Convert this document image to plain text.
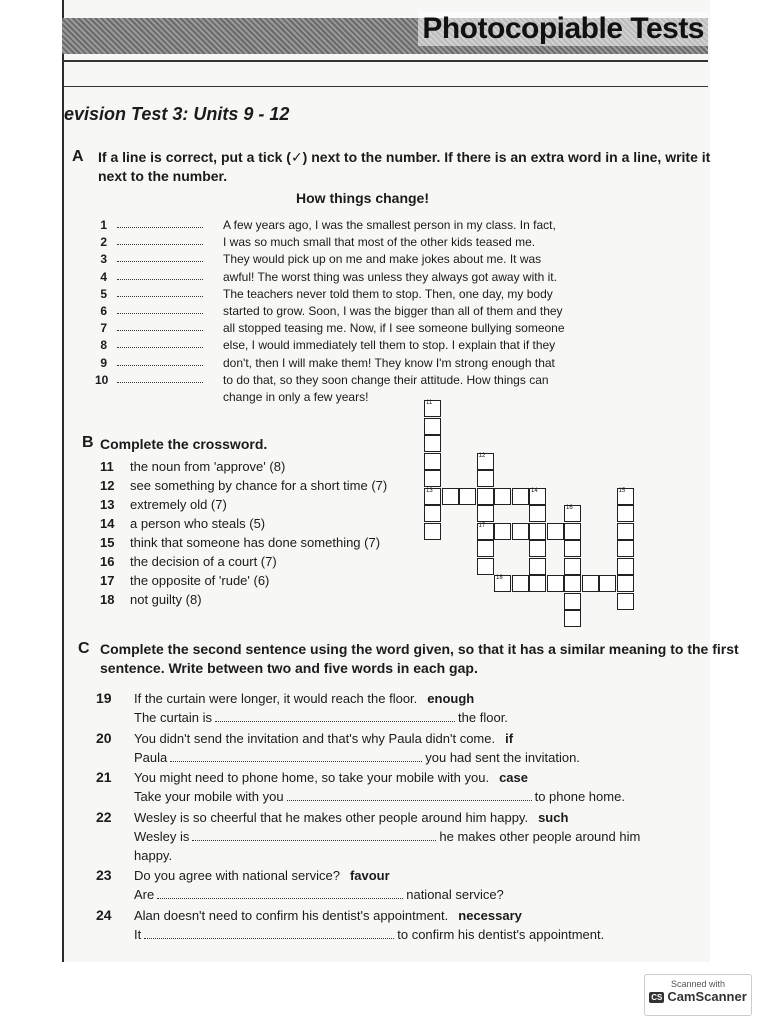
Photocopiable Tests
evision Test 3: Units 9 - 12
A If a line is correct, put a tick (✓) next to the number. If there is an extra word in a line, write it
next to the number.
How things change!
1	A few years ago, I was the smallest person in my class. In fact,
2	I was so much small that most of the other kids teased me.
3	They would pick up on me and make jokes about me. It was
4	awful! The worst thing was unless they always got away with it.
5	The teachers never told them to stop. Then, one day, my body
6	started to grow. Soon, I was the bigger than all of them and they
7	all stopped teasing me. Now, if I see someone bullying someone
8	else, I would immediately tell them to stop. I explain that if they
9	don't, then I will make them! They know I'm strong enough that
10	to do that, so they soon change their attitude. How things can
change in only a few years!
B Complete the crossword.
11 the noun from 'approve' (8)
12 see something by chance for a short time (7)
13 extremely old (7)
14 a person who steals (5)
15 think that someone has done something (7)
16 the decision of a court (7)
17 the opposite of 'rude' (6)
18 not guilty (8)
11
13
12
17
14
16
15
18
C Complete the second sentence using the word given, so that it has a similar meaning to the first
sentence. Write between two and five words in each gap.
19 If the curtain were longer, it would reach the floor. enough
The curtain is	the floor.
20 You didn't send the invitation and that's why Paula didn't come. if
Paula	you had sent the invitation.
21 You might need to phone home, so take your mobile with you. case
Take your mobile with you	to phone home.
22 Wesley is so cheerful that he makes other people around him happy. such
Wesley is	he makes other people around him
happy.
23 Do you agree with national service? favour
Are	national service?
24 Alan doesn't need to confirm his dentist's appointment. necessary
It	to confirm his dentist's appointment.
Scanned with
CS CamScanner
